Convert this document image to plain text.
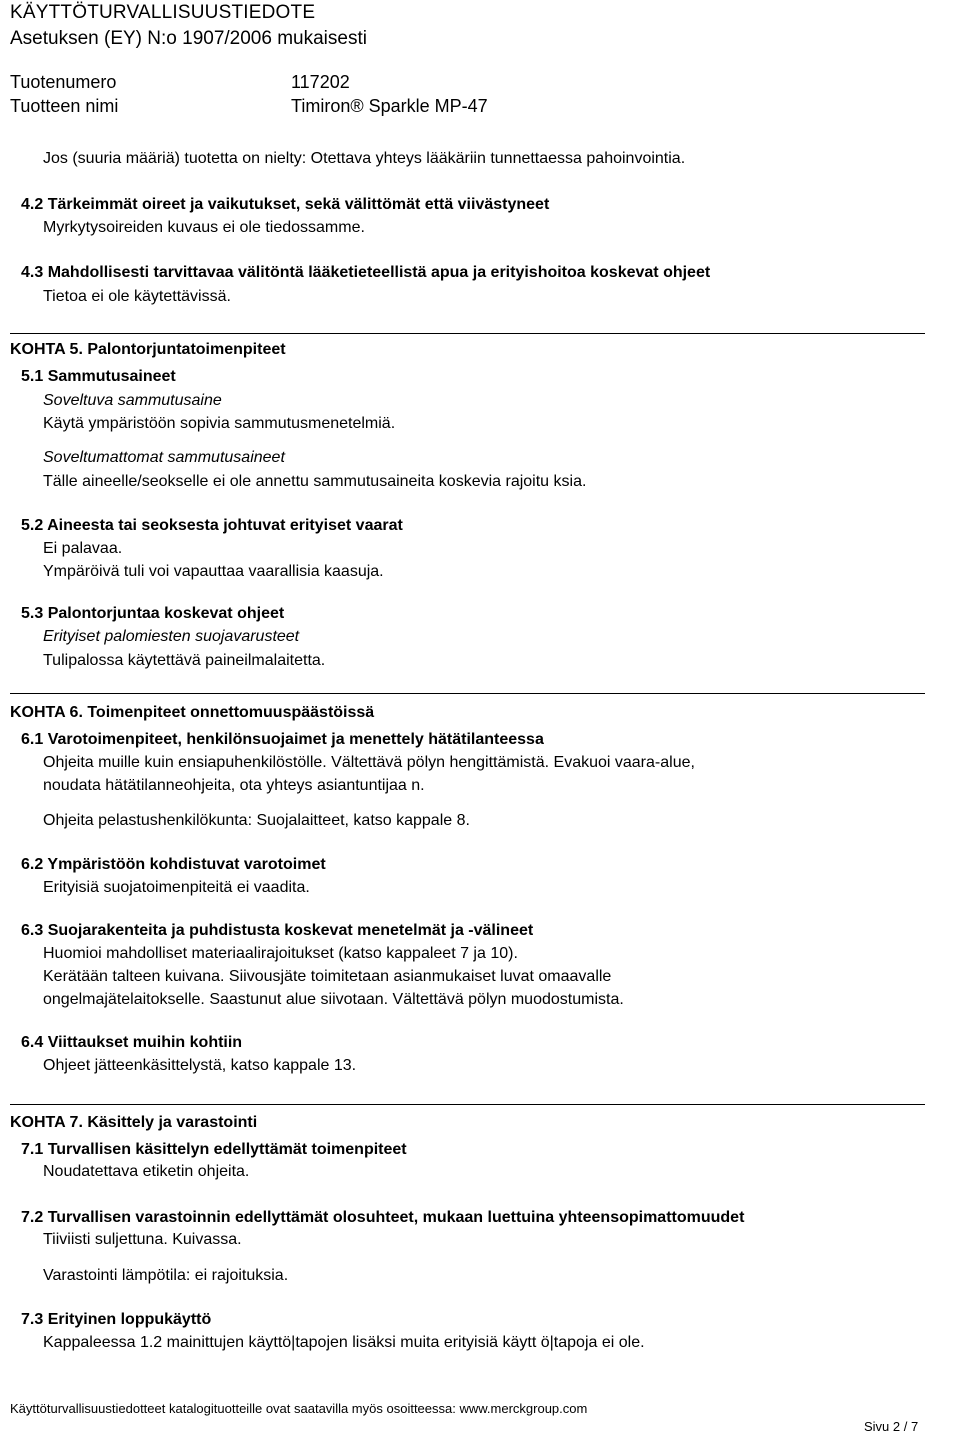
KÄYTTÖTURVALLISUUSTIEDOTE
Asetuksen (EY) N:o 1907/2006 mukaisesti
Tuotenumero	117202
Tuotteen nimi	Timiron® Sparkle MP-47
Jos (suuria määriä) tuotetta on nielty: Otettava yhteys lääkäriin tunnettaessa pahoinvointia.
4.2 Tärkeimmät oireet ja vaikutukset, sekä välittömät että viivästyneet
Myrkytysoireiden kuvaus ei ole tiedossamme.
4.3 Mahdollisesti tarvittavaa välitöntä lääketieteellistä apua ja erityishoitoa koskevat ohjeet
Tietoa ei ole käytettävissä.
KOHTA 5. Palontorjuntatoimenpiteet
5.1 Sammutusaineet
Soveltuva sammutusaine
Käytä ympäristöön sopivia sammutusmenetelmiä.
Soveltumattomat sammutusaineet
Tälle aineelle/seokselle ei ole annettu sammutusaineita koskevia rajoitu ksia.
5.2 Aineesta tai seoksesta johtuvat erityiset vaarat
Ei palavaa.
Ympäröivä tuli voi vapauttaa vaarallisia kaasuja.
5.3 Palontorjuntaa koskevat ohjeet
Erityiset palomiesten suojavarusteet
Tulipalossa käytettävä paineilmalaitetta.
KOHTA 6. Toimenpiteet onnettomuuspäästöissä
6.1 Varotoimenpiteet, henkilönsuojaimet ja menettely hätätilanteessa
Ohjeita muille kuin ensiapuhenkilöstölle. Vältettävä pölyn hengittämistä. Evakuoi vaara-alue,
noudata hätätilanneohjeita, ota yhteys asiantuntijaa n.
Ohjeita pelastushenkilökunta: Suojalaitteet, katso kappale 8.
6.2 Ympäristöön kohdistuvat varotoimet
Erityisiä suojatoimenpiteitä ei vaadita.
6.3 Suojarakenteita ja puhdistusta koskevat menetelmät ja -välineet
Huomioi mahdolliset materiaalirajoitukset (katso kappaleet 7 ja 10).
Kerätään talteen kuivana. Siivousjäte toimitetaan asianmukaiset luvat omaavalle
ongelmajätelaitokselle. Saastunut alue siivotaan. Vältettävä pölyn muodostumista.
6.4 Viittaukset muihin kohtiin
Ohjeet jätteenkäsittelystä, katso kappale 13.
KOHTA 7. Käsittely ja varastointi
7.1 Turvallisen käsittelyn edellyttämät toimenpiteet
Noudatettava etiketin ohjeita.
7.2 Turvallisen varastoinnin edellyttämät olosuhteet, mukaan luettuina yhteensopimattomuudet
Tiiviisti suljettuna. Kuivassa.
Varastointi lämpötila: ei rajoituksia.
7.3 Erityinen loppukäyttö
Kappaleessa 1.2 mainittujen käyttö|tapojen lisäksi muita erityisiä käytt ö|tapoja ei ole.
Käyttöturvallisuustiedotteet katalogituotteille ovat saatavilla myös osoitteessa: www.merckgroup.com
Sivu 2 / 7
